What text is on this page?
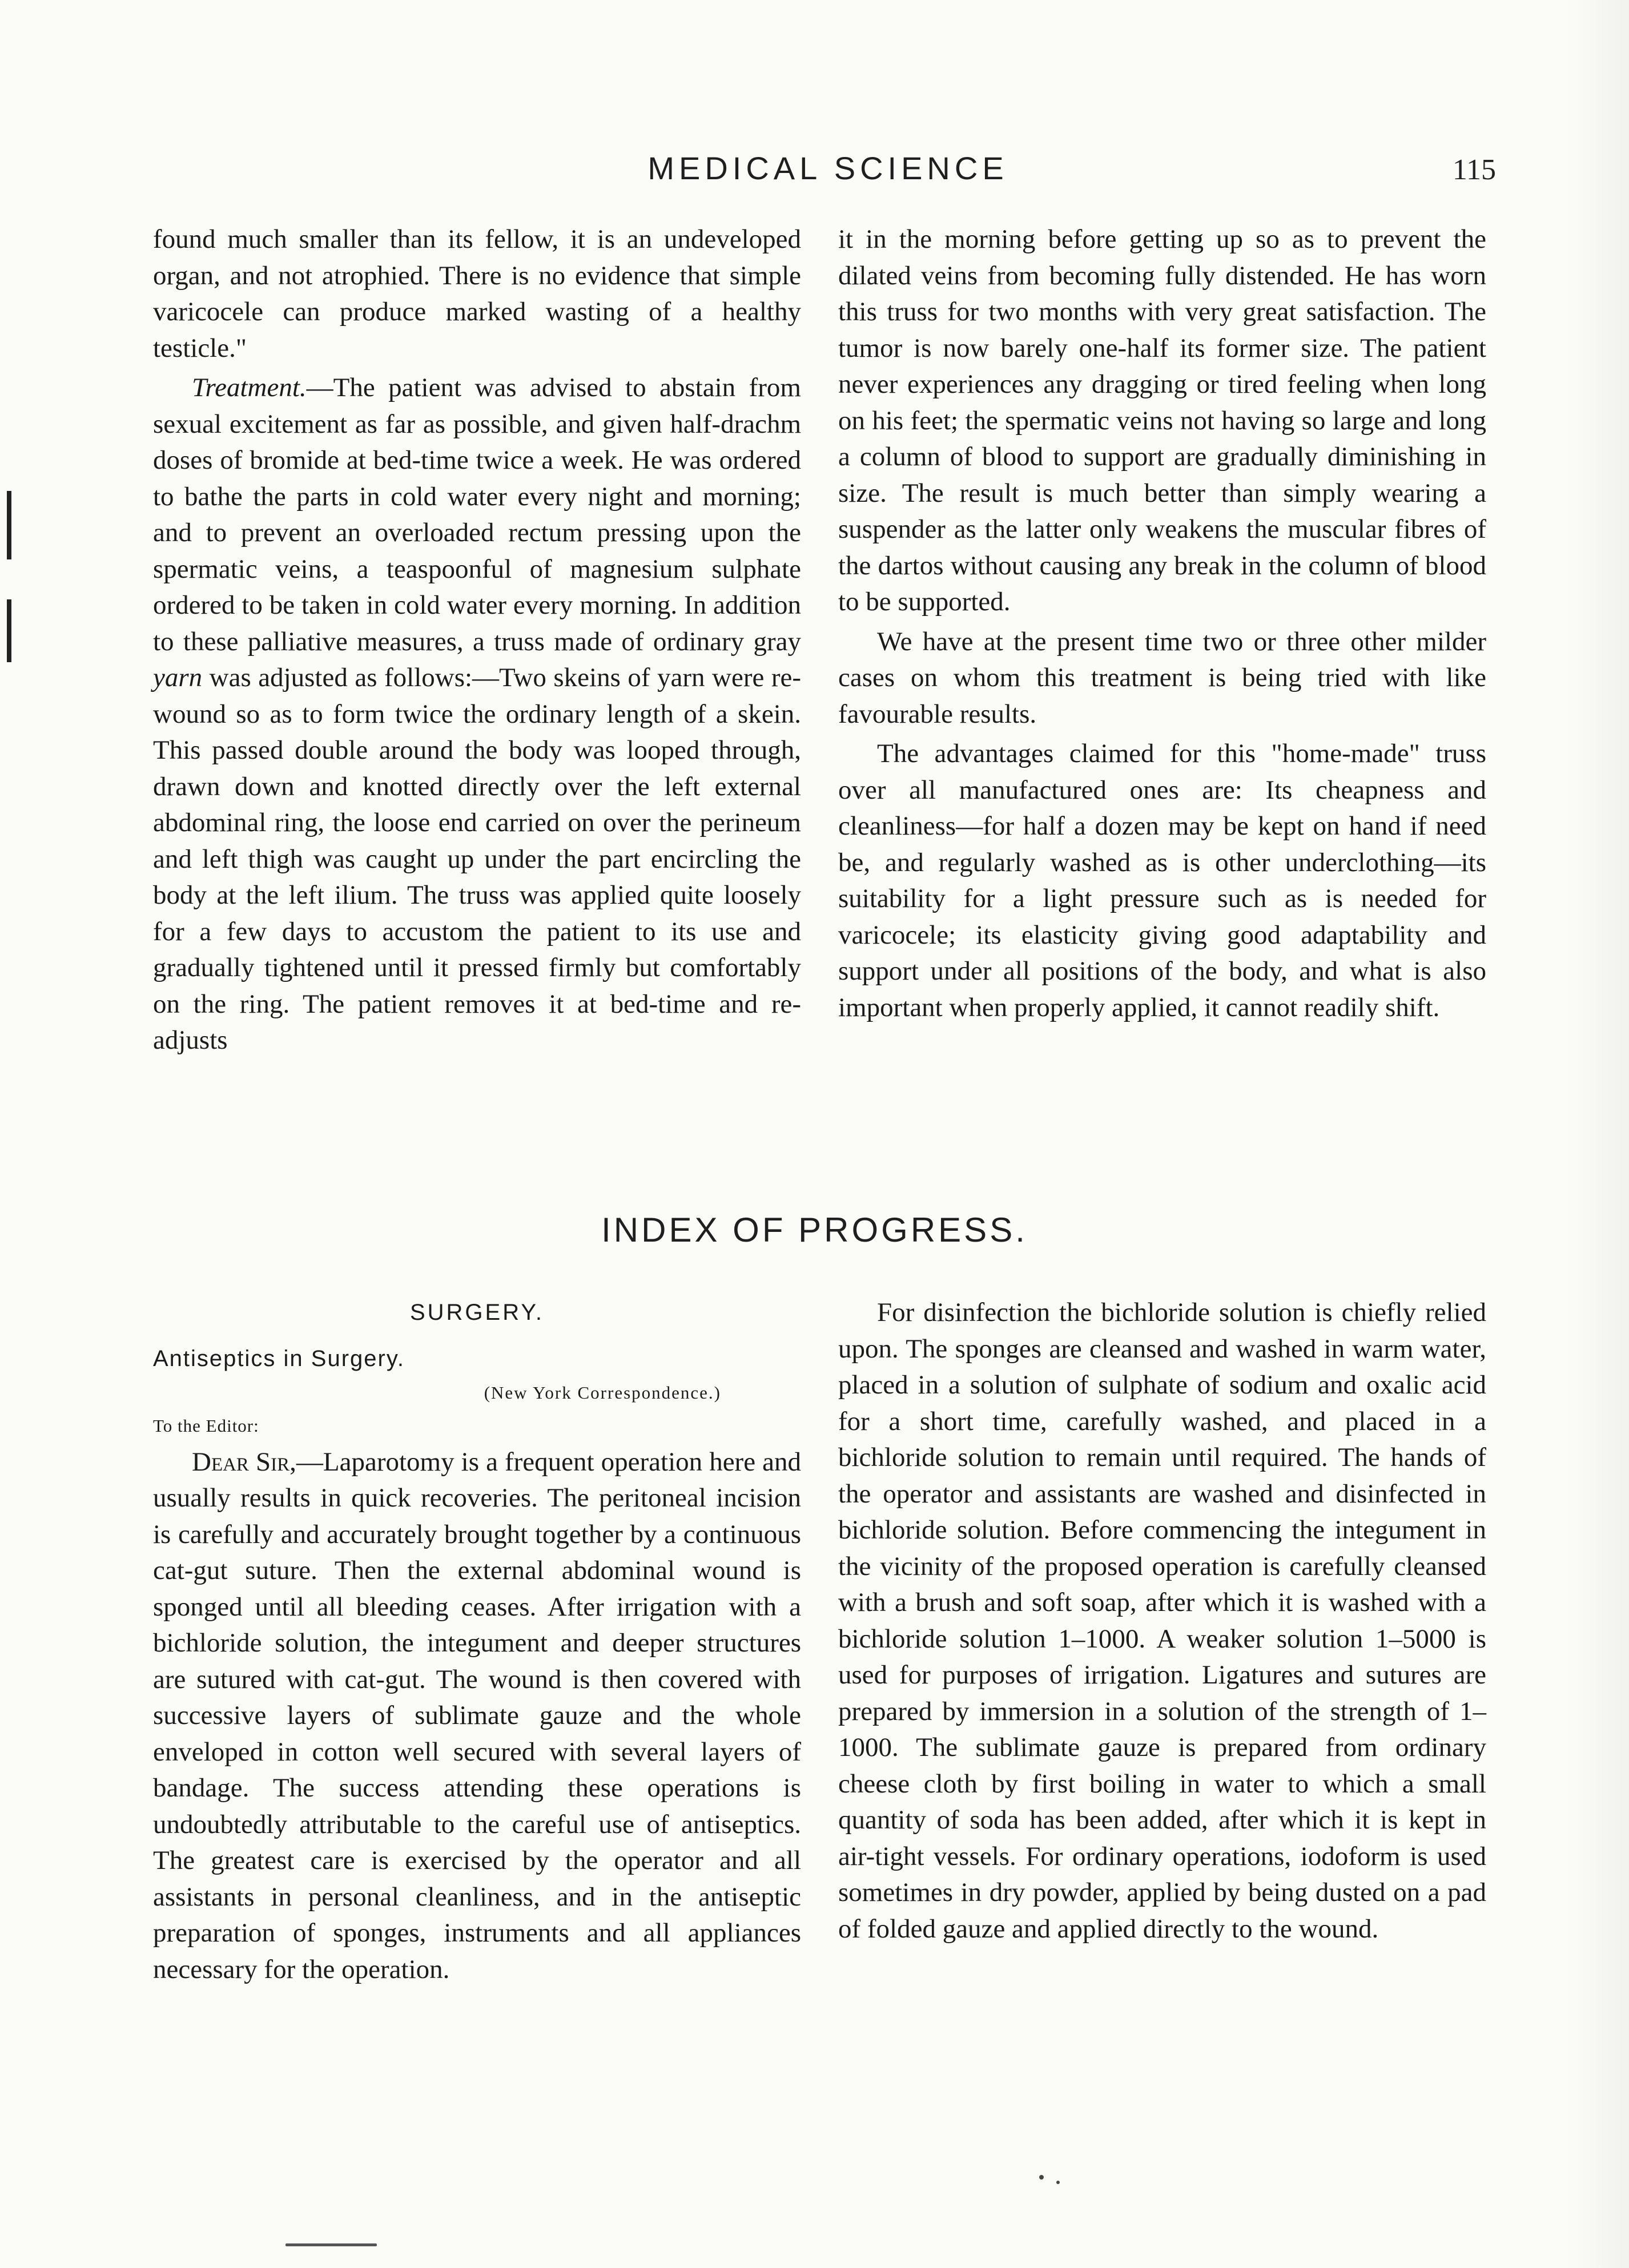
MEDICAL SCIENCE	115

found much smaller than its fellow, it is an undeveloped organ, and not atrophied. There is no evidence that simple varicocele can produce marked wasting of a healthy testicle."

Treatment.—The patient was advised to abstain from sexual excitement as far as possible, and given half-drachm doses of bromide at bed-time twice a week. He was ordered to bathe the parts in cold water every night and morning; and to prevent an overloaded rectum pressing upon the spermatic veins, a teaspoonful of magnesium sulphate ordered to be taken in cold water every morning. In addition to these palliative measures, a truss made of ordinary gray yarn was adjusted as follows:—Two skeins of yarn were re-wound so as to form twice the ordinary length of a skein. This passed double around the body was looped through, drawn down and knotted directly over the left external abdominal ring, the loose end carried on over the perineum and left thigh was caught up under the part encircling the body at the left ilium. The truss was applied quite loosely for a few days to accustom the patient to its use and gradually tightened until it pressed firmly but comfortably on the ring. The patient removes it at bed-time and re-adjusts

it in the morning before getting up so as to prevent the dilated veins from becoming fully distended. He has worn this truss for two months with very great satisfaction. The tumor is now barely one-half its former size. The patient never experiences any dragging or tired feeling when long on his feet; the spermatic veins not having so large and long a column of blood to support are gradually diminishing in size. The result is much better than simply wearing a suspender as the latter only weakens the muscular fibres of the dartos without causing any break in the column of blood to be supported.

We have at the present time two or three other milder cases on whom this treatment is being tried with like favourable results.

The advantages claimed for this "home-made" truss over all manufactured ones are: Its cheapness and cleanliness—for half a dozen may be kept on hand if need be, and regularly washed as is other underclothing—its suitability for a light pressure such as is needed for varicocele; its elasticity giving good adaptability and support under all positions of the body, and what is also important when properly applied, it cannot readily shift.

INDEX OF PROGRESS.

SURGERY.

Antiseptics in Surgery.

(New York Correspondence.)

To the Editor:

Dear Sir,—Laparotomy is a frequent operation here and usually results in quick recoveries. The peritoneal incision is carefully and accurately brought together by a continuous cat-gut suture. Then the external abdominal wound is sponged until all bleeding ceases. After irrigation with a bichloride solution, the integument and deeper structures are sutured with cat-gut. The wound is then covered with successive layers of sublimate gauze and the whole enveloped in cotton well secured with several layers of bandage. The success attending these operations is undoubtedly attributable to the careful use of antiseptics. The greatest care is exercised by the operator and all assistants in personal cleanliness, and in the antiseptic preparation of sponges, instruments and all appliances necessary for the operation.

For disinfection the bichloride solution is chiefly relied upon. The sponges are cleansed and washed in warm water, placed in a solution of sulphate of sodium and oxalic acid for a short time, carefully washed, and placed in a bichloride solution to remain until required. The hands of the operator and assistants are washed and disinfected in bichloride solution. Before commencing the integument in the vicinity of the proposed operation is carefully cleansed with a brush and soft soap, after which it is washed with a bichloride solution 1–1000. A weaker solution 1–5000 is used for purposes of irrigation. Ligatures and sutures are prepared by immersion in a solution of the strength of 1–1000. The sublimate gauze is prepared from ordinary cheese cloth by first boiling in water to which a small quantity of soda has been added, after which it is kept in air-tight vessels. For ordinary operations, iodoform is used sometimes in dry powder, applied by being dusted on a pad of folded gauze and applied directly to the wound.
